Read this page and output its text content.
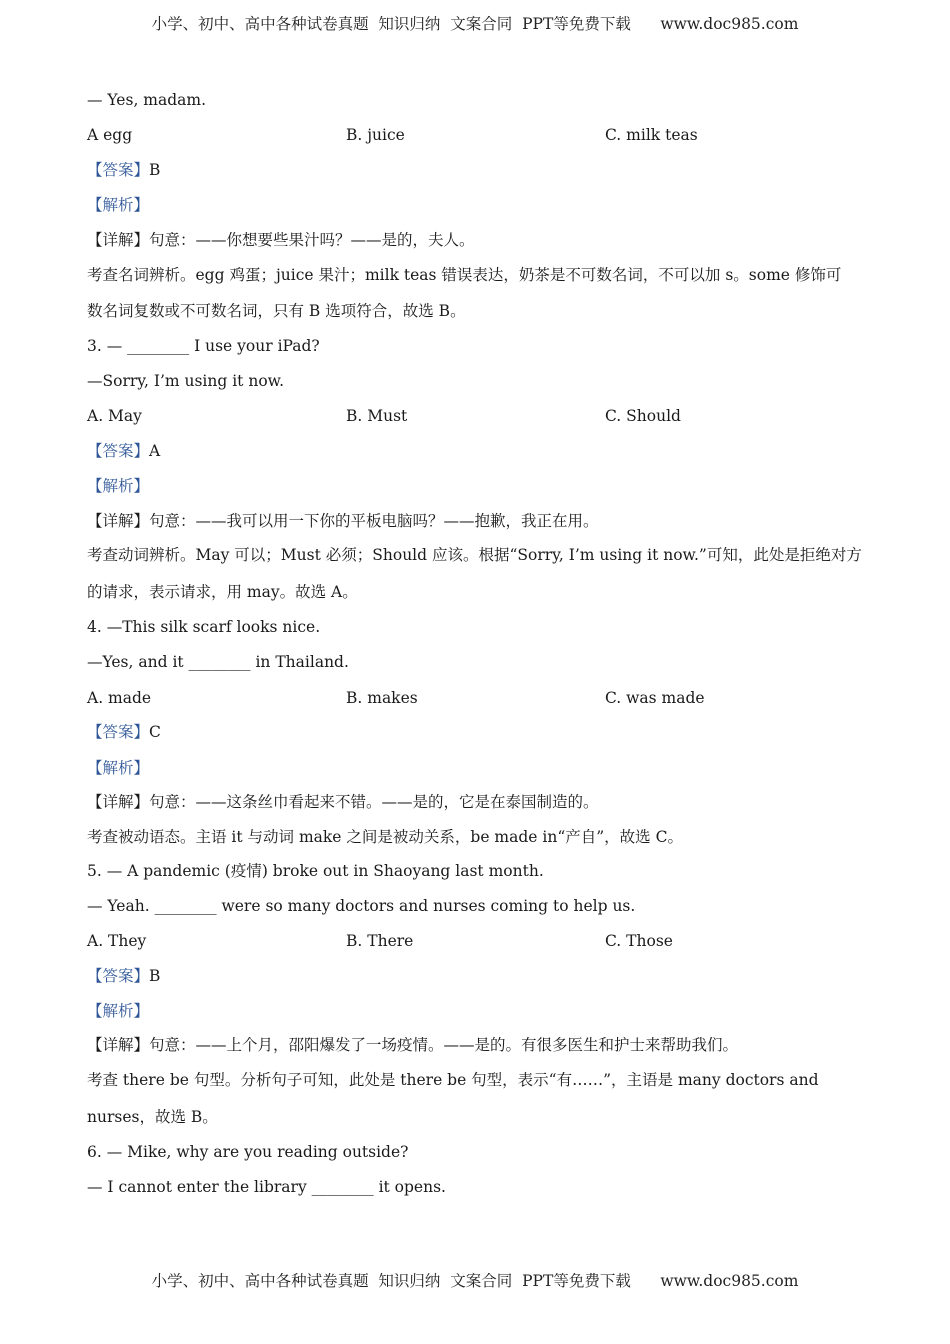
小学、初中、高中各种试卷真题  知识归纳  文案合同  PPT等免费下载      www.doc985.com
— Yes, madam.
A egg	B. juice	C. milk teas
【答案】B
【解析】
【详解】句意：——你想要些果汁吗？——是的，夫人。
考查名词辨析。egg 鸡蛋；juice 果汁；milk teas 错误表达，奶茶是不可数名词，不可以加 s。some 修饰可
数名词复数或不可数名词，只有 B 选项符合，故选 B。
3. — ________ I use your iPad?
—Sorry, I’m using it now.
A. May	B. Must	C. Should
【答案】A
【解析】
【详解】句意：——我可以用一下你的平板电脑吗？——抱歉，我正在用。
考查动词辨析。May 可以；Must 必须；Should 应该。根据“Sorry, I’m using it now.”可知，此处是拒绝对方
的请求，表示请求，用 may。故选 A。
4. —This silk scarf looks nice.
—Yes, and it ________ in Thailand.
A. made	B. makes	C. was made
【答案】C
【解析】
【详解】句意：——这条丝巾看起来不错。——是的，它是在泰国制造的。
考查被动语态。主语 it 与动词 make 之间是被动关系，be made in“产自”，故选 C。
5. — A pandemic (疫情) broke out in Shaoyang last month.
— Yeah. ________ were so many doctors and nurses coming to help us.
A. They	B. There	C. Those
【答案】B
【解析】
【详解】句意：——上个月，邵阳爆发了一场疫情。——是的。有很多医生和护士来帮助我们。
考查 there be 句型。分析句子可知，此处是 there be 句型，表示“有……”，主语是 many doctors and
nurses，故选 B。
6. — Mike, why are you reading outside?
— I cannot enter the library ________ it opens.
小学、初中、高中各种试卷真题  知识归纳  文案合同  PPT等免费下载      www.doc985.com
